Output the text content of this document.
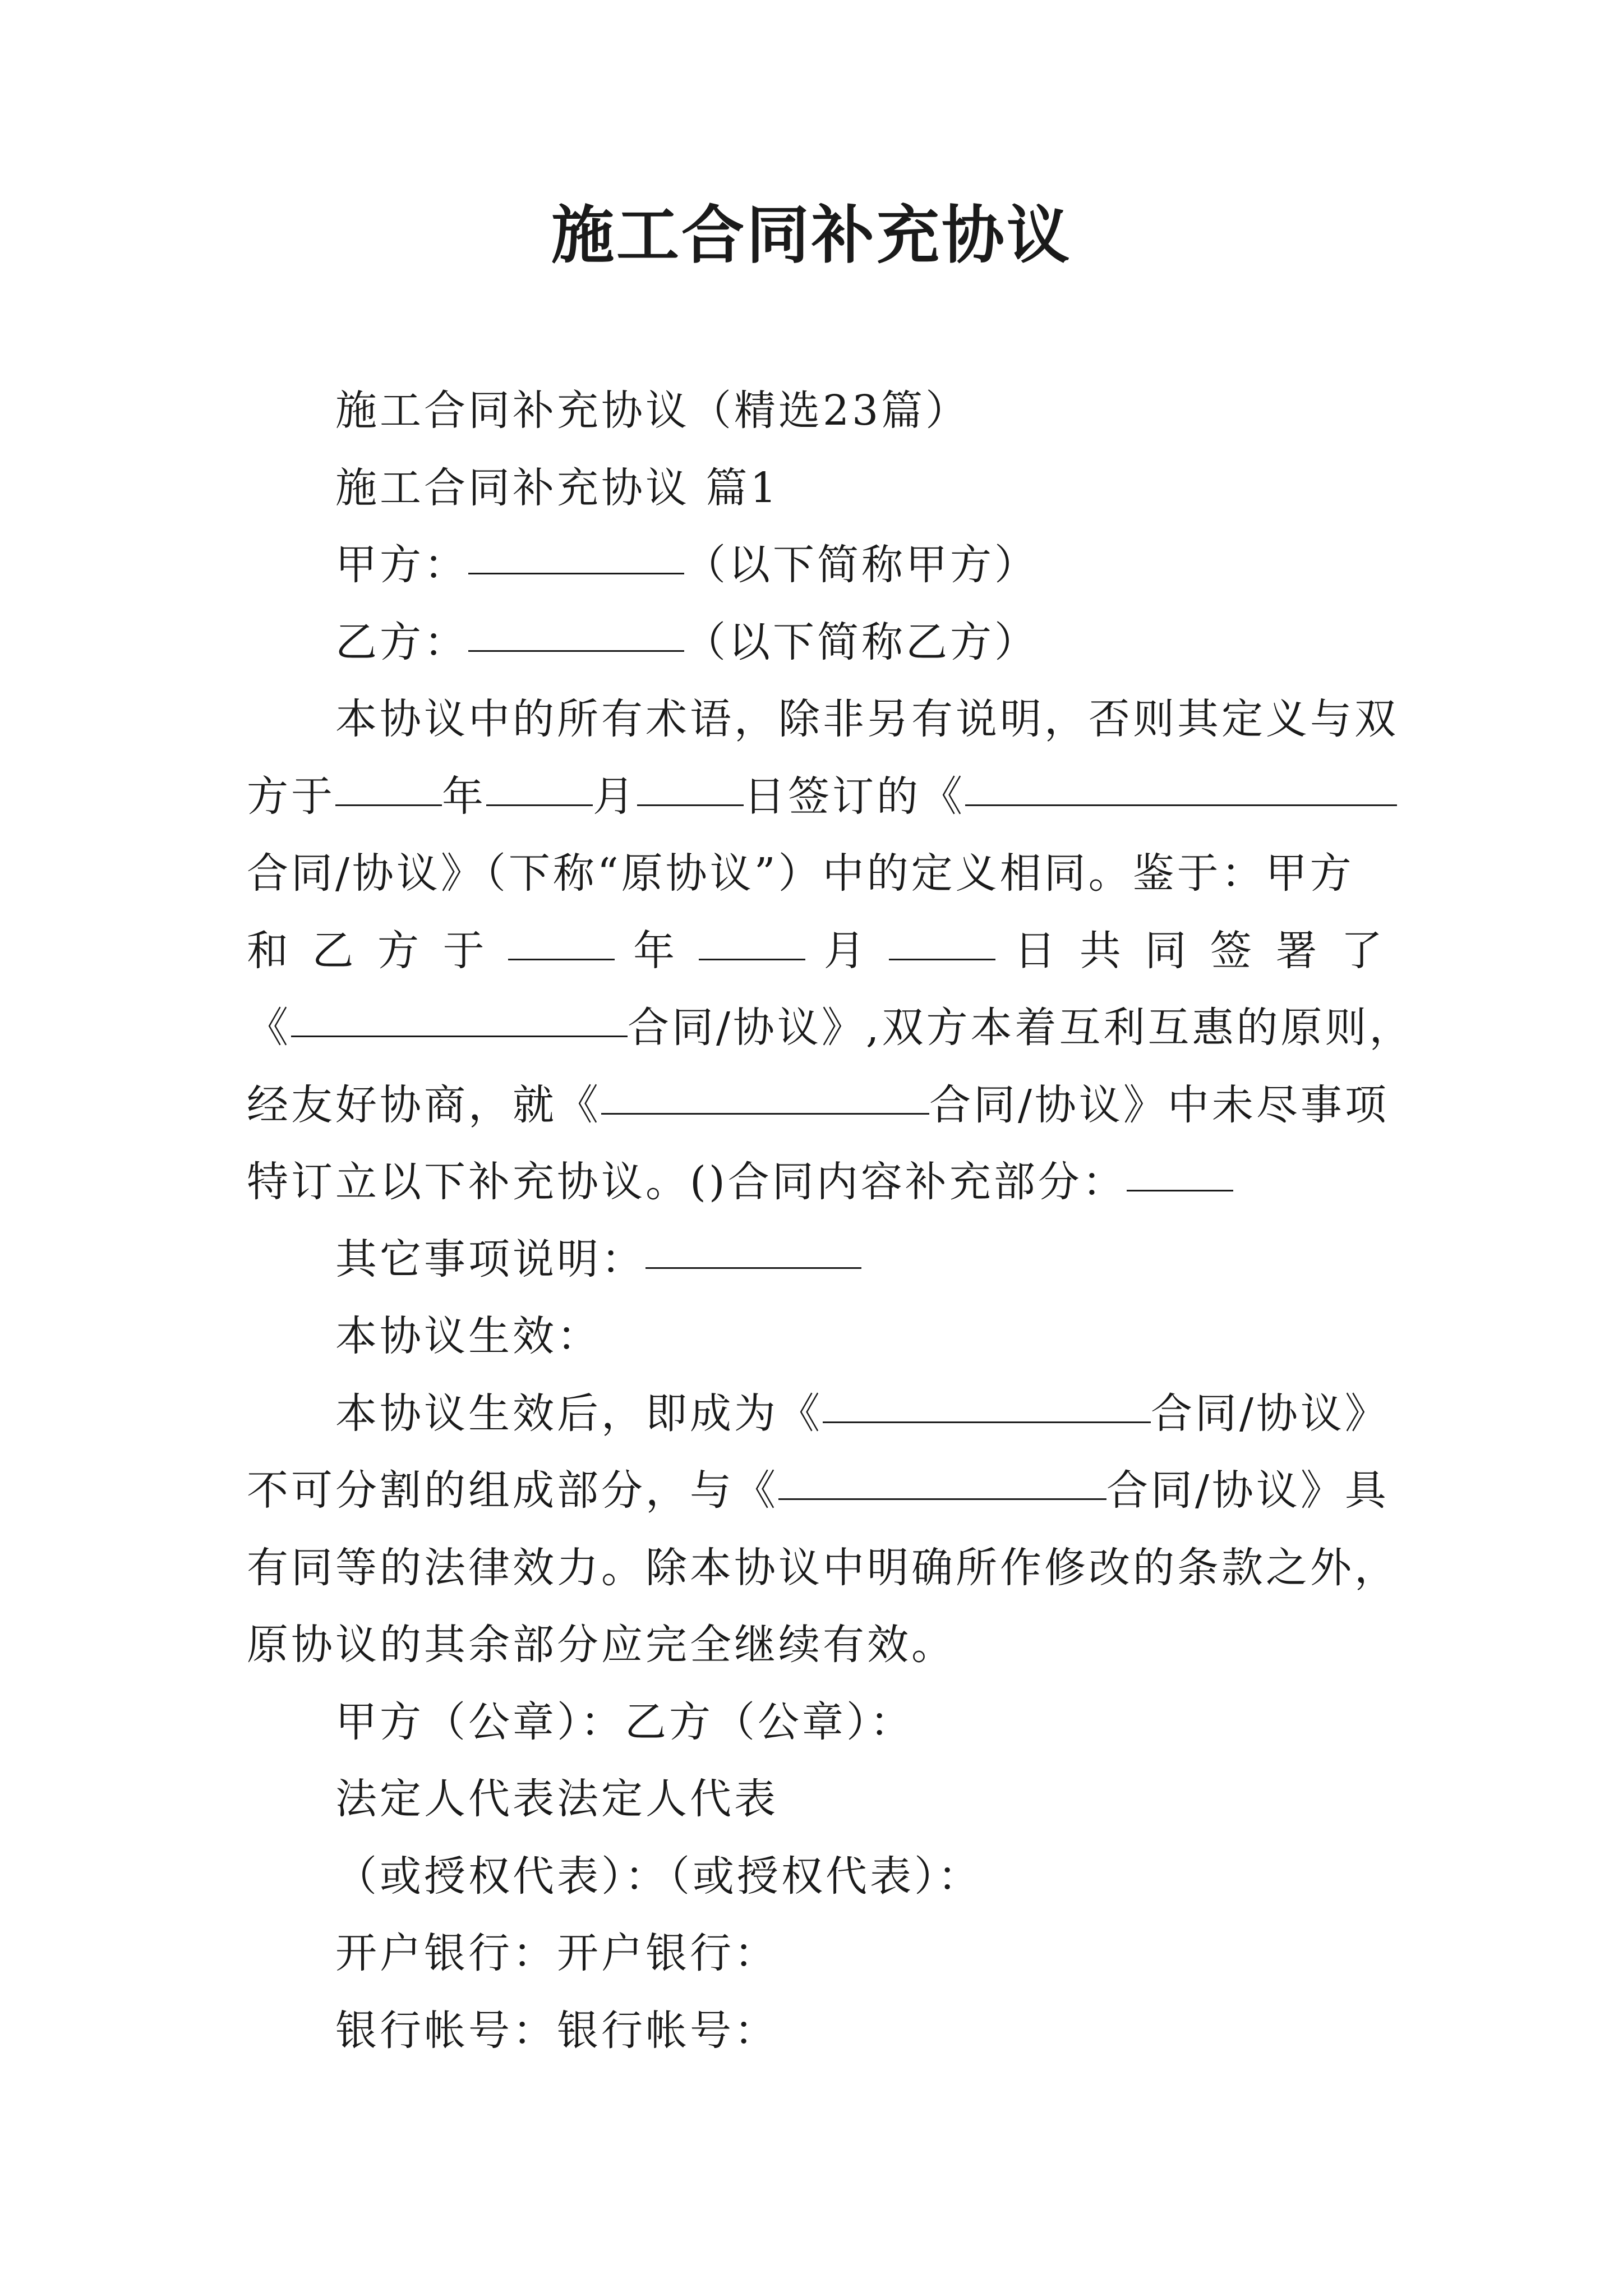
施工合同补充协议

施工合同补充协议（精选23篇）

施工合同补充协议 篇1

甲方：	（以下简称甲方）

乙方：	（以下简称乙方）

本协议中的所有术语，除非另有说明，否则其定义与双
方于	年	月	日签订的《
合同/协议》（下称“原协议”）中的定义相同。鉴于：甲方
和 乙 方 于	年	月	日 共 同 签 署 了
《	合同/协议》,双方本着互利互惠的原则，
经友好协商，就《	合同/协议》中未尽事项
特订立以下补充协议。()合同内容补充部分：

其它事项说明：

本协议生效：

本协议生效后，即成为《	合同/协议》
不可分割的组成部分，与《	合同/协议》具
有同等的法律效力。除本协议中明确所作修改的条款之外，
原协议的其余部分应完全继续有效。

甲方（公章）：乙方（公章）：

法定人代表法定人代表

（或授权代表）：（或授权代表）：

开户银行：开户银行：

银行帐号：银行帐号：
